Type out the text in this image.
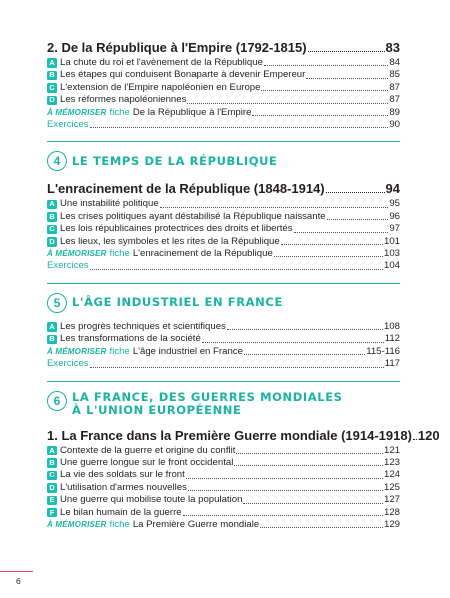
2. De la République à l'Empire (1792-1815)	83
A La chute du roi et l'avènement de la République	84
B Les étapes qui conduisent Bonaparte à devenir Empereur	85
C L'extension de l'Empire napoléonien en Europe	87
D Les réformes napoléoniennes	87
À MÉMORISER fiche De la République à l'Empire	89
Exercices	90
4	LE TEMPS DE LA RÉPUBLIQUE
L'enracinement de la République (1848-1914)	94
A Une instabilité politique	95
B Les crises politiques ayant déstabilisé la République naissante	96
C Les lois républicaines protectrices des droits et libertés	97
D Les lieux, les symboles et les rites de la République	101
À MÉMORISER fiche L'enracinement de la République	103
Exercices	104
5	L'ÂGE INDUSTRIEL EN FRANCE
A Les progrès techniques et scientifiques	108
B Les transformations de la société	112
À MÉMORISER fiche L'âge industriel en France	115-116
Exercices	117
6	LA FRANCE, DES GUERRES MONDIALES
À L'UNION EUROPÉENNE
1. La France dans la Première Guerre mondiale (1914-1918) 120
A Contexte de la guerre et origine du conflit	121
B Une guerre longue sur le front occidental	123
C La vie des soldats sur le front	124
D L'utilisation d'armes nouvelles	125
E Une guerre qui mobilise toute la population	127
F Le bilan humain de la guerre	128
À MÉMORISER fiche La Première Guerre mondiale	129
6
